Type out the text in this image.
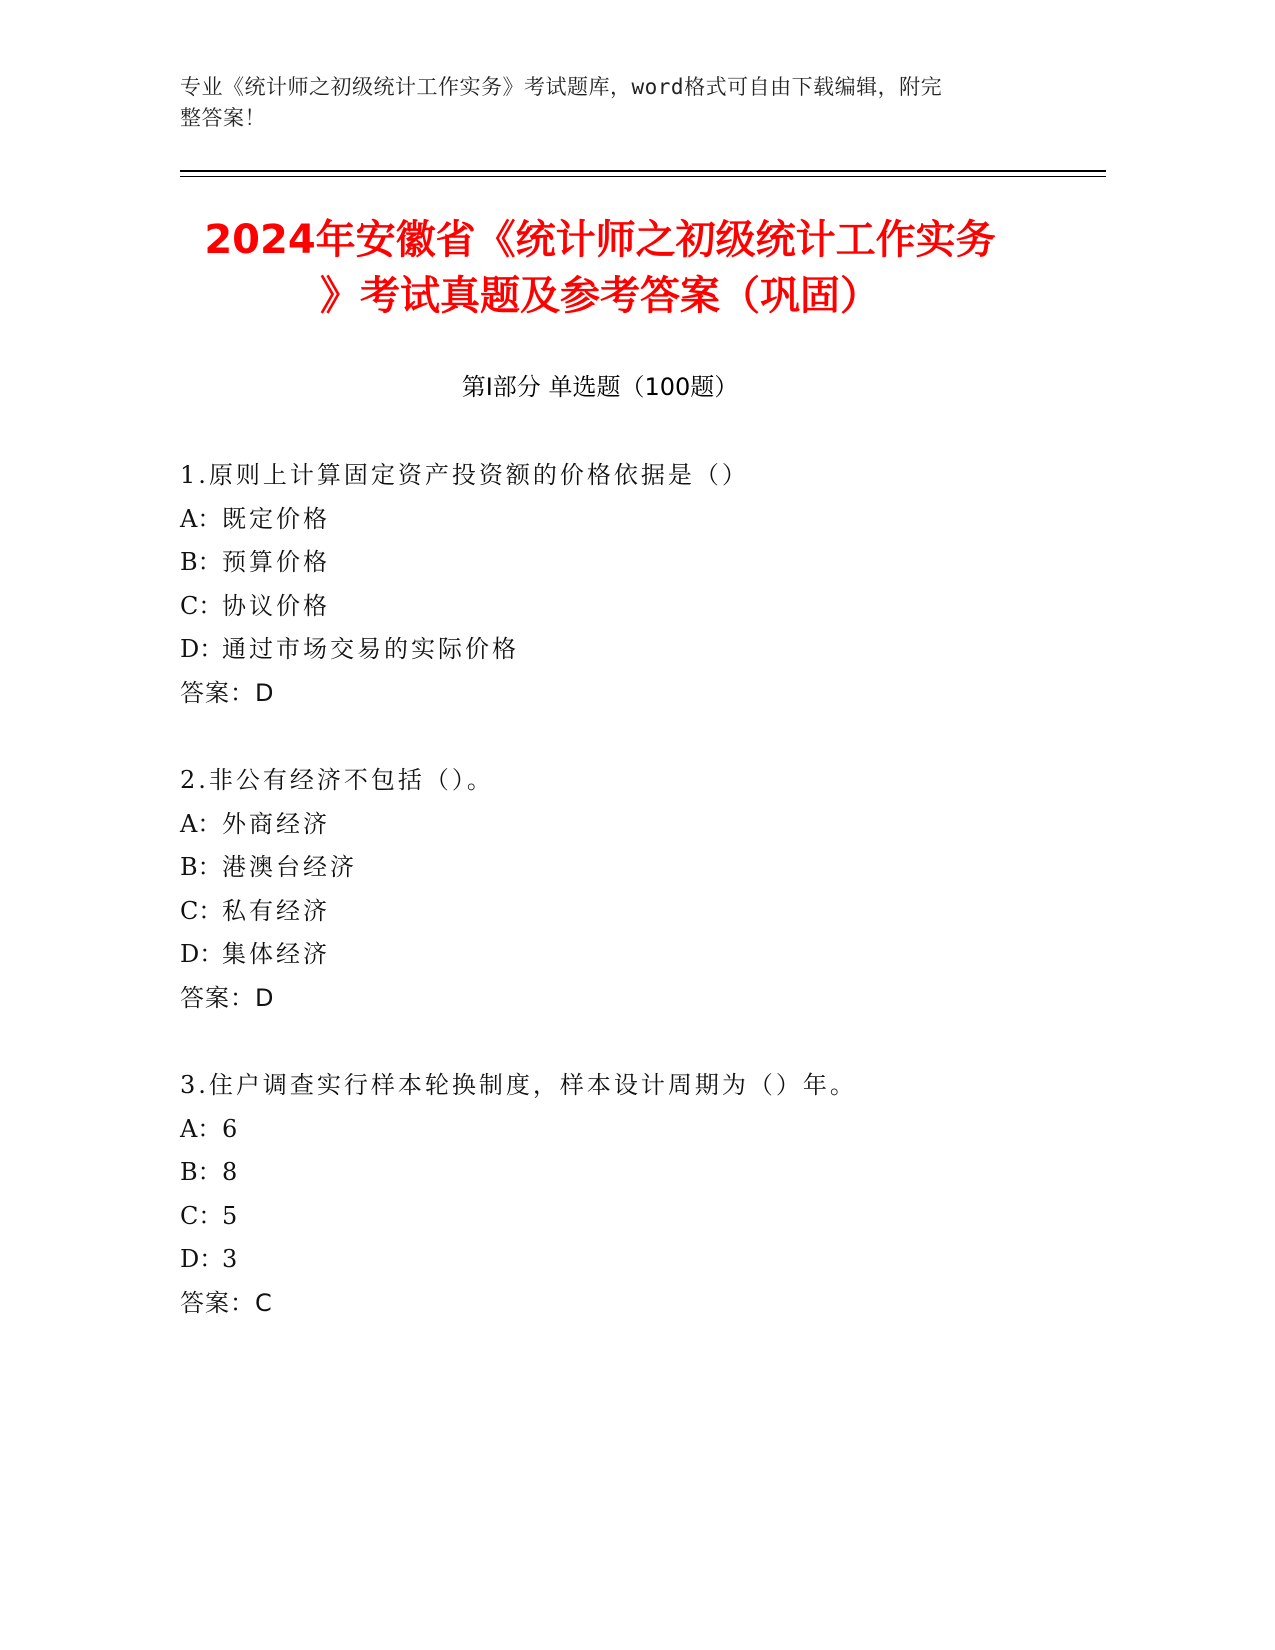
专业《统计师之初级统计工作实务》考试题库，word格式可自由下载编辑，附完
整答案！
2024年安徽省《统计师之初级统计工作实务
》考试真题及参考答案（巩固）
第I部分 单选题（100题）
1.原则上计算固定资产投资额的价格依据是（）
A：既定价格
B：预算价格
C：协议价格
D：通过市场交易的实际价格
答案：D
2.非公有经济不包括（）。
A：外商经济
B：港澳台经济
C：私有经济
D：集体经济
答案：D
3.住户调查实行样本轮换制度，样本设计周期为（）年。
A：6
B：8
C：5
D：3
答案：C
